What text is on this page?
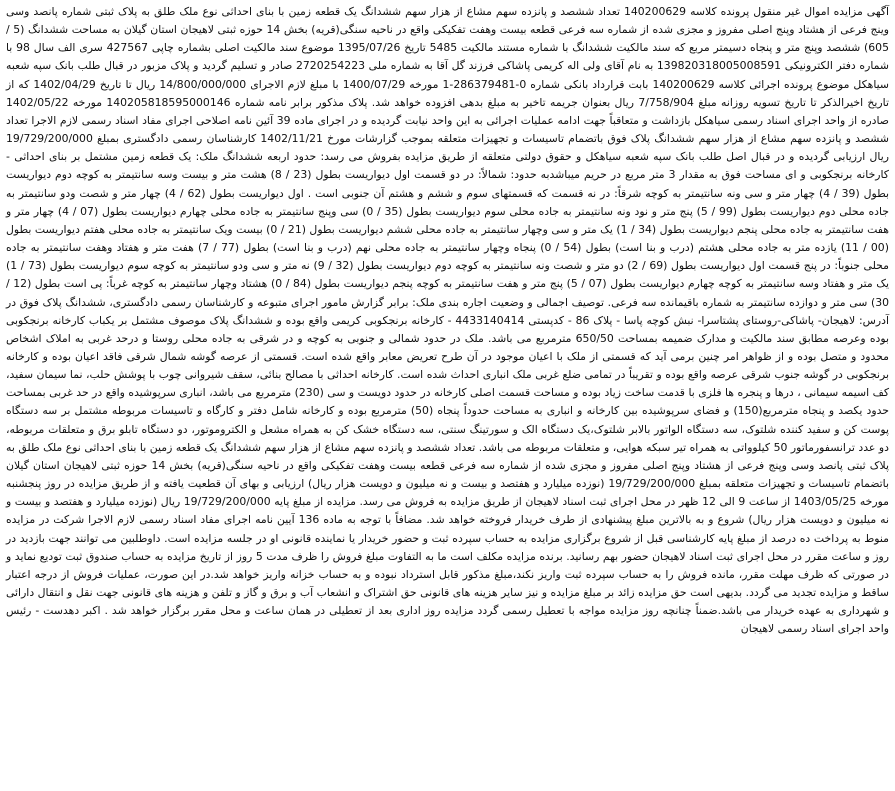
آگهی مزایده اموال غیر منقول پرونده کلاسه 140200629 تعداد ششصد و پانزده سهم مشاع از هزار سهم ششدانگ یک قطعه زمین با بنای احداثی نوع ملک طلق به پلاک ثبتی شماره پانصد وسی وینج فرعی از هشتاد وپنج اصلی مفروز و مجزی شده از شماره سه فرعی قطعه بیست وهفت تفکیکی واقع در ناحیه سنگی(قریه) بخش 14 حوزه ثبتی لاهیجان استان گیلان به مساحت ششدانگ (5 / 605) ششصد وپنج متر و پنجاه دسیمتر مربع که سند مالکیت ششدانگ با شماره مستند مالکیت 5485 تاریخ 1395/07/26 موضوع سند مالکیت اصلی بشماره چاپی 427567 سری الف سال 98 با شماره دفتر الکترونیکی 139820318005008591 به نام آقای ولی اله کریمی پاشاکی فرزند گل آقا به شماره ملی 2720254223 صادر و تسلیم گردید و پلاک مزبور در قبال طلب بانک سپه شعبه سیاهکل موضوع پرونده اجرائی کلاسه 140200629 بابت قرارداد بانکی شماره 0-286379481-1 مورخه 1400/07/29 با مبلغ لازم الاجرای 14/800/000/000 ریال تا تاریخ 1402/04/29 که از تاریخ اخیرالذکر تا تاریخ تسویه روزانه مبلغ 7/758/904 ریال بعنوان جریمه تاخیر به مبلغ بدهی افزوده خواهد شد. پلاک مذکور برابر نامه شماره 140205818595000146 مورخه 1402/05/22 صادره از واحد اجرای اسناد رسمی سیاهکل بازداشت و متعاقباً جهت ادامه عملیات اجرائی به این واحد نیابت گردیده و در اجرای ماده 39 آئین نامه اصلاحی اجرای مفاد اسناد رسمی لازم الاجرا تعداد ششصد و پانزده سهم مشاع از هزار سهم ششدانگ پلاک فوق باتضمام تاسیسات و تجهیزات متعلقه بموجب گزارشات مورخ 1402/11/21 کارشناسان رسمی دادگستری بمبلغ 19/729/200/000 ریال ارزیابی گردیده و در قبال اصل طلب بانک سپه شعبه سیاهکل و حقوق دولتی متعلقه از طریق مزایده بفروش می رسد: حدود اربعه ششدانگ ملک: یک قطعه زمین مشتمل بر بنای احداثی - کارخانه برنجکوبی و ای مساحت فوق به مقدار 3 متر مربع در حریم میباشدبه حدود: شمالاً: در دو قسمت اول دیواریست بطول (23 / 8) هشت متر و بیست وسه سانتیمتر به کوچه دوم دیواریست بطول (39 / 4) چهار متر و سی ونه سانتیمتر به کوچه شرقاً: در نه قسمت که قسمتهای سوم و ششم و هشتم آن جنوبی است . اول دیواریست بطول (62 / 4) چهار متر و شصت ودو سانتیمتر به جاده محلی دوم دیواریست بطول (99 / 5) پنج متر و نود ونه سانتیمتر به جاده محلی سوم دیواریست بطول (35 / 0) سی وپنج سانتیمتر به جاده محلی چهارم دیواریست بطول (07 / 4) چهار متر و هفت سانتیمتر به جاده محلی پنجم دیواریست بطول (34 / 1) یک متر و سی وچهار سانتیمتر به جاده محلی ششم دیواریست بطول (21 / 0) بیست ویک سانتیمتر به جاده محلی هفتم دیواریست بطول (00 / 11) یازده متر به جاده محلی هشتم (درب و بنا است) بطول (54 / 0) پنجاه وچهار سانتیمتر به جاده محلی نهم (درب و بنا است) بطول (77 / 7) هفت متر و هفتاد وهفت سانتیمتر به جاده محلی جنوباً: در پنج قسمت اول دیواریست بطول (69 / 2) دو متر و شصت ونه سانتیمتر به کوچه دوم دیواریست بطول (32 / 9) نه متر و سی ودو سانتیمتر به کوچه سوم دیواریست بطول (73 / 1) یک متر و هفتاد وسه سانتیمتر به کوچه چهارم دیواریست بطول (07 / 5) پنج متر و هفت سانتیمتر به کوچه پنجم دیواریست بطول (84 / 0) هشتاد وچهار سانتیمتر به کوچه غرباً: پی است بطول (12 / 30) سی متر و دوازده سانتیمتر به شماره باقیمانده سه فرعی. توصیف اجمالی و وضعیت اجاره بندی ملک: برابر گزارش مامور اجرای متبوعه و کارشناسان رسمی دادگستری، ششدانگ پلاک فوق در آدرس: لاهیجان- پاشاکی-روستای پشتاسرا- نبش کوچه پاسا - پلاک 86 - کدپستی 4433140414 - کارخانه برنجکوبی کریمی واقع بوده و ششدانگ پلاک موصوف مشتمل بر یکباب کارخانه برنجکوبی بوده وعرصه مطابق سند مالکیت و مدارک ضمیمه بمساحت 650/50 مترمربع می باشد. ملک در حدود شمالی و جنوبی به کوچه و در شرقی به جاده محلی روستا و درحد غربی به املاک اشخاص محدود و متصل بوده و از ظواهر امر چنین برمی آید که قسمتی از ملک با اعیان موجود در آن طرح تعریض معابر واقع شده است. قسمتی از عرصه گوشه شمال شرقی فاقد اعیان بوده و کارخانه برنجکوبی در گوشه جنوب شرقی عرصه واقع بوده و تقریباً در تمامی ضلع غربی ملک انباری احداث شده است. کارخانه احداثی با مصالح بنائی، سقف شیروانی چوب با پوشش حلب، نما سیمان سفید، کف اسیمه سیمانی ، درها و پنجره ها فلزی با قدمت ساخت زیاد بوده و مساحت قسمت اصلی کارخانه در حدود دویست و سی (230) مترمربع می باشد، انباری سرپوشیده واقع در حد غربی بمساحت حدود یکصد و پنجاه مترمربع(150) و فضای سرپوشیده بین کارخانه و انباری به مساحت حدوداً پنجاه (50) مترمربع بوده و کارخانه شامل دفتر و کارگاه و تاسیسات مربوطه مشتمل بر سه دستگاه پوست کن و سفید کننده شلتوک، سه دستگاه الواتور بالابر شلتوک،یک دستگاه الک و سورتینگ سنتی، سه دستگاه خشک کن به همراه مشعل و الکتروموتور، دو دستگاه تابلو برق و متعلقات مربوطه، دو عدد ترانسفورماتور 50 کیلوواتی به همراه تیر سبکه هوایی، و متعلقات مربوطه می باشد. تعداد ششصد و پانزده سهم مشاع از هزار سهم ششدانگ یک قطعه زمین با بنای احداثی نوع ملک طلق به پلاک ثبتی پانصد وسی وپنج فرعی از هشتاد وپنج اصلی مفروز و مجزی شده از شماره سه فرعی قطعه بیست وهفت تفکیکی واقع در ناحیه سنگی(قریه) بخش 14 حوزه ثبتی لاهیجان استان گیلان باتضمام تاسیسات و تجهیزات متعلقه بمبلغ 19/729/200/000 (نوزده میلیارد و هفتصد و بیست و نه میلیون و دویست هزار ریال) ارزیابی و بهای آن قطعیت یافته و از طریق مزایده در روز پنجشنبه مورخه 1403/05/25 از ساعت 9 الی 12 ظهر در محل اجرای ثبت اسناد لاهیجان از طریق مزایده به فروش می رسد. مزایده از مبلغ پایه 19/729/200/000 ریال (نوزده میلیارد و هفتصد و بیست و نه میلیون و دویست هزار ریال) شروع و به بالاترین مبلغ پیشنهادی از طرف خریدار فروخته خواهد شد. مضافاً با توجه به ماده 136 آیین نامه اجرای مفاد اسناد رسمی لازم الاجرا شرکت در مزایده منوط به پرداخت ده درصد از مبلغ پایه کارشناسی قبل از شروع برگزاری مزایده به حساب سپرده ثبت و حضور خریدار یا نماینده قانونی او در جلسه مزایده است. داوطلبین می توانند جهت بازدید در روز و ساعت مقرر در محل اجرای ثبت اسناد لاهیجان حضور بهم رسانید. برنده مزایده مکلف است ما به التفاوت مبلغ فروش را ظرف مدت 5 روز از تاریخ مزایده به حساب صندوق ثبت تودیع نماید و در صورتی که ظرف مهلت مقرر، مانده فروش را به حساب سپرده ثبت واریز نکند،مبلغ مذکور قابل استرداد نبوده و به حساب خزانه واریز خواهد شد.در این صورت، عملیات فروش از درجه اعتبار ساقط و مزایده تجدید می گردد. بدیهی است حق مزایده زائد بر مبلغ مزایده و نیز سایر هزینه های قانونی حق اشتراک و انشعاب آب و برق و گاز و تلفن و هزینه های قانونی جهت نقل و انتقال دارائی و شهرداری به عهده خریدار می باشد.ضمناً چنانچه روز مزایده مواجه با تعطیل رسمی گردد مزایده روز اداری بعد از تعطیلی در همان ساعت و محل مقرر برگزار خواهد شد . اکبر دهدست - رئیس واحد اجرای اسناد رسمی لاهیجان
